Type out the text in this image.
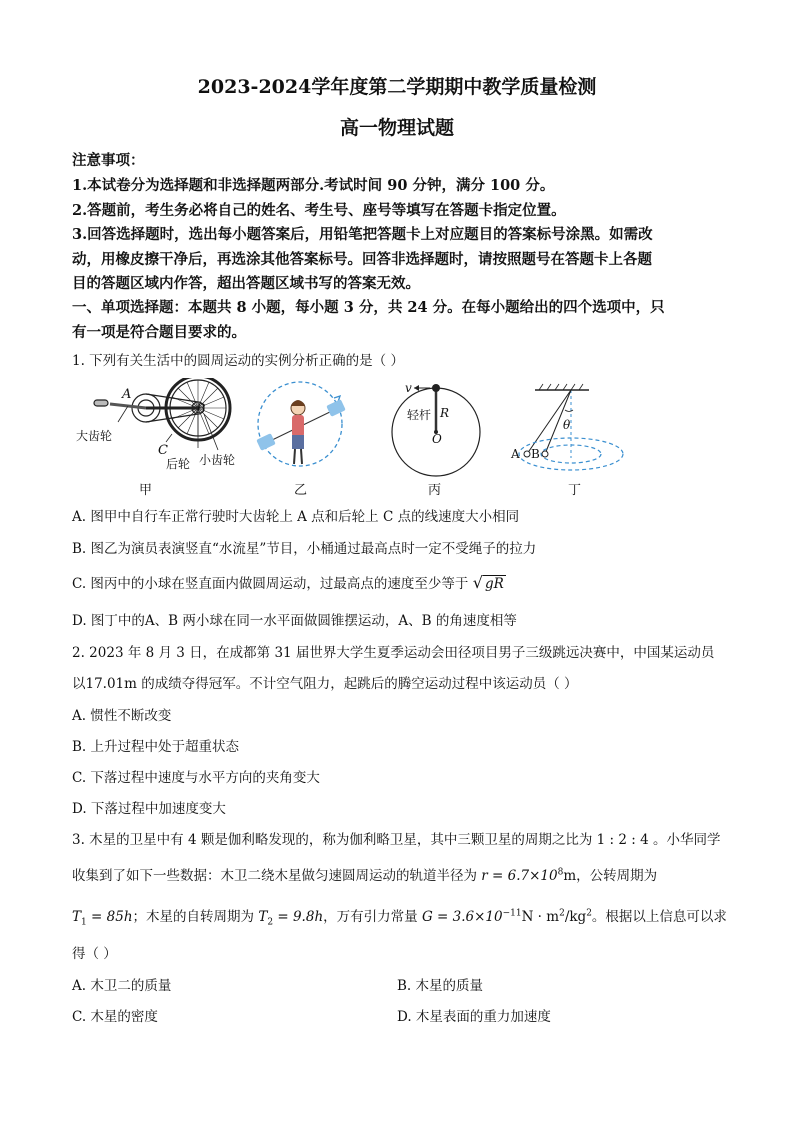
2023-2024学年度第二学期期中教学质量检测
高一物理试题
注意事项：
1.本试卷分为选择题和非选择题两部分.考试时间 90 分钟，满分 100 分。
2.答题前，考生务必将自己的姓名、考生号、座号等填写在答题卡指定位置。
3.回答选择题时，选出每小题答案后，用铅笔把答题卡上对应题目的答案标号涂黑。如需改
动，用橡皮擦干净后，再选涂其他答案标号。回答非选择题时，请按照题号在答题卡上各题
目的答题区域内作答，超出答题区域书写的答案无效。
一、单项选择题：本题共 8 小题，每小题 3 分，共 24 分。在每小题给出的四个选项中，只
有一项是符合题目要求的。
1. 下列有关生活中的圆周运动的实例分析正确的是（ ）
A
B
C
大齿轮
后轮 小齿轮
甲	乙
v
轻杆 R
O
丙
A B
θ
丁
A. 图甲中自行车正常行驶时大齿轮上 A 点和后轮上 C 点的线速度大小相同
B. 图乙为演员表演竖直“水流星”节目，小桶通过最高点时一定不受绳子的拉力
C. 图丙中的小球在竖直面内做圆周运动，过最高点的速度至少等于 √ gR
D. 图丁中的A、B 两小球在同一水平面做圆锥摆运动，A、B 的角速度相等
2. 2023 年 8 月 3 日，在成都第 31 届世界大学生夏季运动会田径项目男子三级跳远决赛中，中国某运动员
以17.01m 的成绩夺得冠军。不计空气阻力，起跳后的腾空运动过程中该运动员（ ）
A. 惯性不断改变
B. 上升过程中处于超重状态
C. 下落过程中速度与水平方向的夹角变大
D. 下落过程中加速度变大
3. 木星的卫星中有 4 颗是伽利略发现的，称为伽利略卫星，其中三颗卫星的周期之比为 1 : 2 : 4 。小华同学
收集到了如下一些数据：木卫二绕木星做匀速圆周运动的轨道半径为 $r = 6.7\times 10^8m$，公转周期为
$T_1 = 85h$；木星的自转周期为 $T_2 = 9.8h$，万有引力常量 $G = 3.6\times 10^{-11}N \cdot m^2/kg^2$。根据以上信息可以求
得（ ）
A. 木卫二的质量	B. 木星的质量
C. 木星的密度	D. 木星表面的重力加速度
